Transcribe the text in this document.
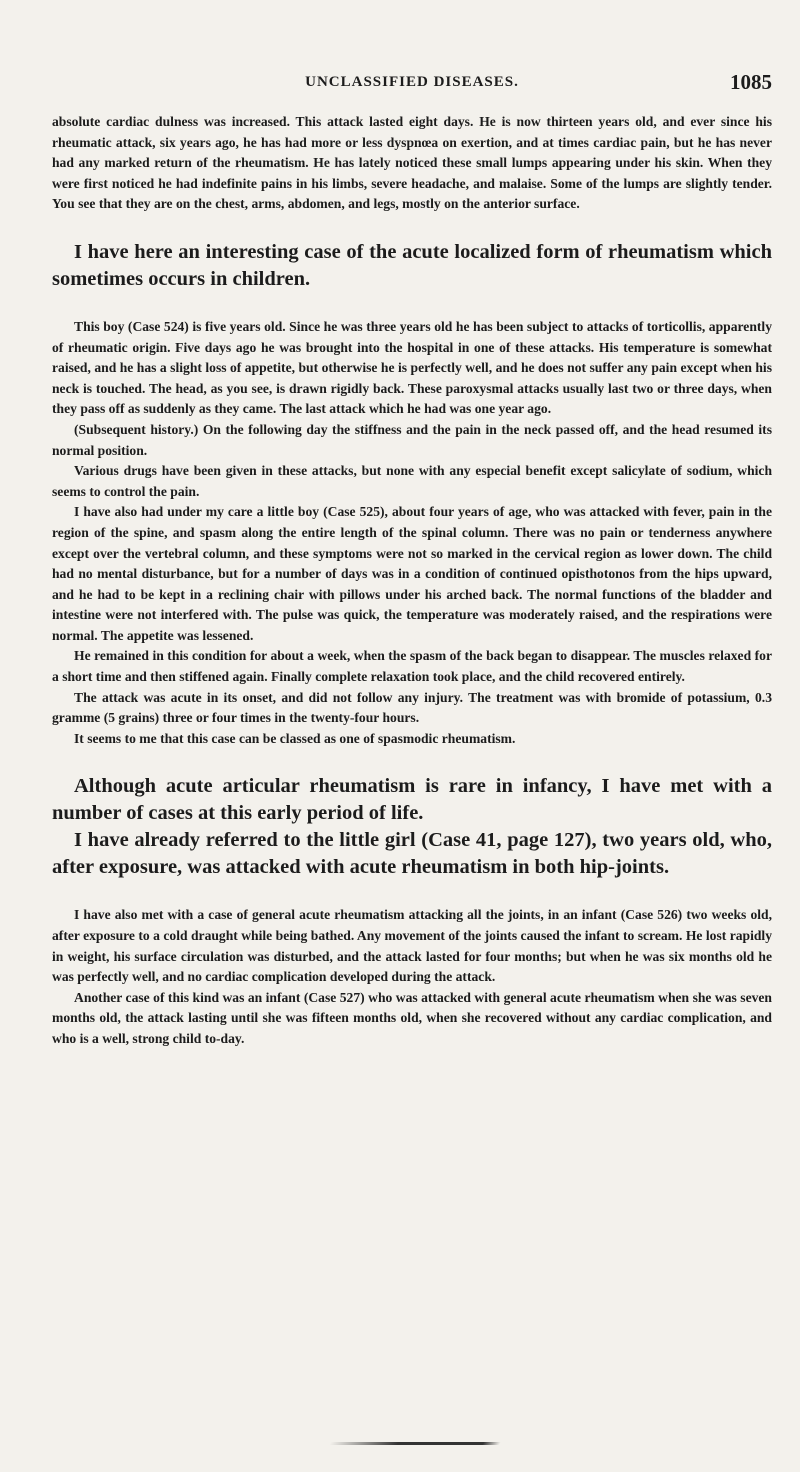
UNCLASSIFIED DISEASES.	1085

absolute cardiac dulness was increased. This attack lasted eight days. He is now thirteen years old, and ever since his rheumatic attack, six years ago, he has had more or less dyspnœa on exertion, and at times cardiac pain, but he has never had any marked return of the rheumatism. He has lately noticed these small lumps appearing under his skin. When they were first noticed he had indefinite pains in his limbs, severe headache, and malaise. Some of the lumps are slightly tender. You see that they are on the chest, arms, abdomen, and legs, mostly on the anterior surface.

I have here an interesting case of the acute localized form of rheumatism which sometimes occurs in children.

This boy (Case 524) is five years old. Since he was three years old he has been subject to attacks of torticollis, apparently of rheumatic origin. Five days ago he was brought into the hospital in one of these attacks. His temperature is somewhat raised, and he has a slight loss of appetite, but otherwise he is perfectly well, and he does not suffer any pain except when his neck is touched. The head, as you see, is drawn rigidly back. These paroxysmal attacks usually last two or three days, when they pass off as suddenly as they came. The last attack which he had was one year ago.

(Subsequent history.) On the following day the stiffness and the pain in the neck passed off, and the head resumed its normal position.

Various drugs have been given in these attacks, but none with any especial benefit except salicylate of sodium, which seems to control the pain.

I have also had under my care a little boy (Case 525), about four years of age, who was attacked with fever, pain in the region of the spine, and spasm along the entire length of the spinal column. There was no pain or tenderness anywhere except over the vertebral column, and these symptoms were not so marked in the cervical region as lower down. The child had no mental disturbance, but for a number of days was in a condition of continued opisthotonos from the hips upward, and he had to be kept in a reclining chair with pillows under his arched back. The normal functions of the bladder and intestine were not interfered with. The pulse was quick, the temperature was moderately raised, and the respirations were normal. The appetite was lessened.

He remained in this condition for about a week, when the spasm of the back began to disappear. The muscles relaxed for a short time and then stiffened again. Finally complete relaxation took place, and the child recovered entirely.

The attack was acute in its onset, and did not follow any injury. The treatment was with bromide of potassium, 0.3 gramme (5 grains) three or four times in the twenty-four hours.

It seems to me that this case can be classed as one of spasmodic rheumatism.

Although acute articular rheumatism is rare in infancy, I have met with a number of cases at this early period of life.

I have already referred to the little girl (Case 41, page 127), two years old, who, after exposure, was attacked with acute rheumatism in both hip-joints.

I have also met with a case of general acute rheumatism attacking all the joints, in an infant (Case 526) two weeks old, after exposure to a cold draught while being bathed. Any movement of the joints caused the infant to scream. He lost rapidly in weight, his surface circulation was disturbed, and the attack lasted for four months; but when he was six months old he was perfectly well, and no cardiac complication developed during the attack.

Another case of this kind was an infant (Case 527) who was attacked with general acute rheumatism when she was seven months old, the attack lasting until she was fifteen months old, when she recovered without any cardiac complication, and who is a well, strong child to-day.
